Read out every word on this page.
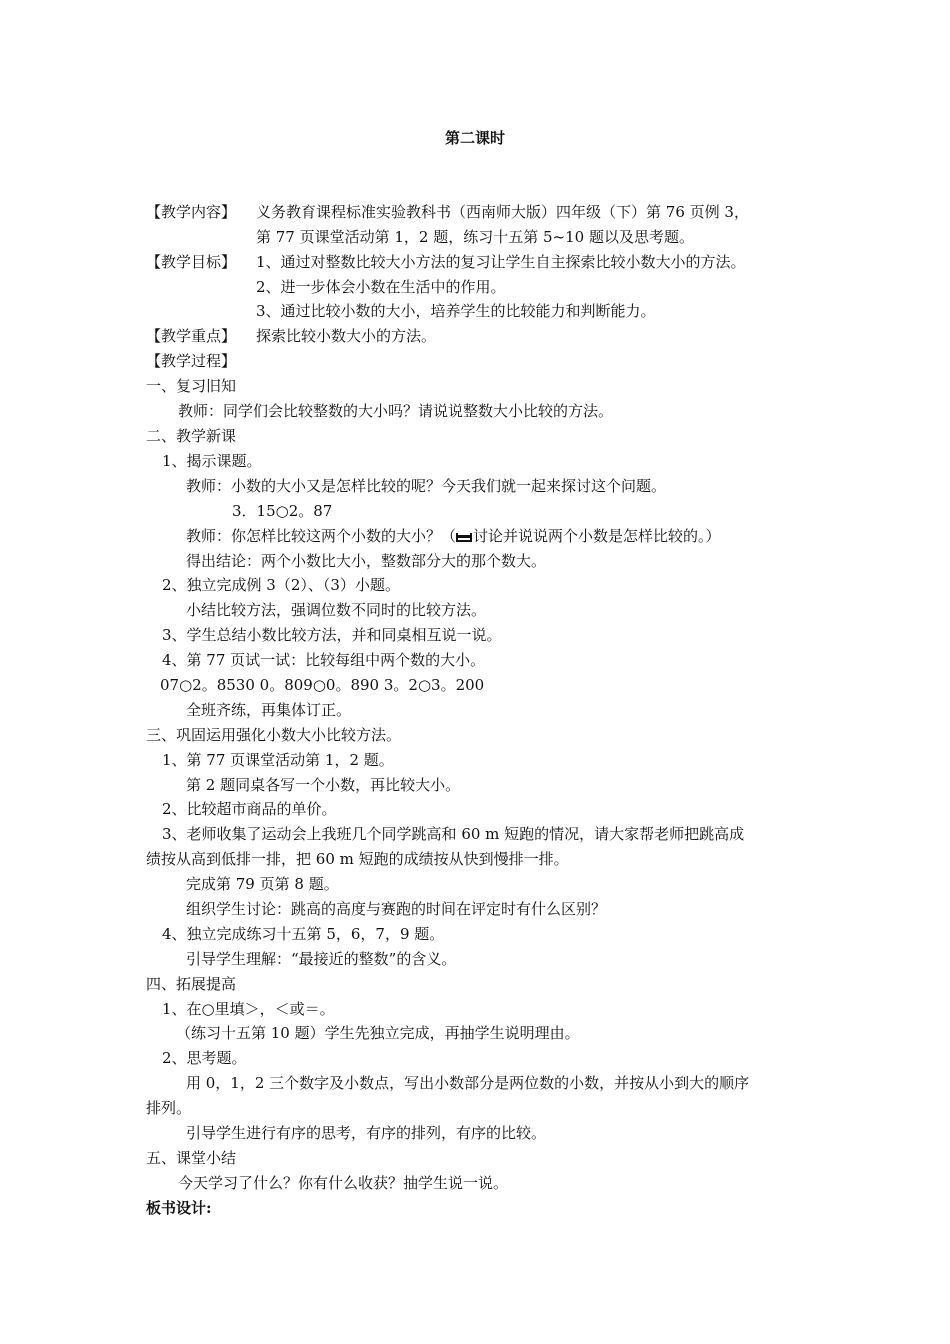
第二课时
【教学内容】 义务教育课程标准实验教科书（西南师大版）四年级（下）第 76 页例 3，
第 77 页课堂活动第 1，2 题，练习十五第 5~10 题以及思考题。
【教学目标】 1、通过对整数比较大小方法的复习让学生自主探索比较小数大小的方法。
2、进一步体会小数在生活中的作用。
3、通过比较小数的大小，培养学生的比较能力和判断能力。
【教学重点】 探索比较小数大小的方法。
【教学过程】
一、复习旧知
教师：同学们会比较整数的大小吗？请说说整数大小比较的方法。
二、教学新课
1、揭示课题。
教师：小数的大小又是怎样比较的呢？今天我们就一起来探讨这个问题。
3．15○2。87
教师：你怎样比较这两个小数的大小？（ 讨论并说说两个小数是怎样比较的。）
得出结论：两个小数比大小，整数部分大的那个数大。
2、独立完成例 3（2）、（3）小题。
小结比较方法，强调位数不同时的比较方法。
3、学生总结小数比较方法，并和同桌相互说一说。
4、第 77 页试一试：比较每组中两个数的大小。
07○2。8530 0。809○0。890 3。2○3。200
全班齐练，再集体订正。
三、巩固运用强化小数大小比较方法。
1、第 77 页课堂活动第 1，2 题。
第 2 题同桌各写一个小数，再比较大小。
2、比较超市商品的单价。
3、老师收集了运动会上我班几个同学跳高和 60 m 短跑的情况，请大家帮老师把跳高成
绩按从高到低排一排，把 60 m 短跑的成绩按从快到慢排一排。
完成第 79 页第 8 题。
组织学生讨论：跳高的高度与赛跑的时间在评定时有什么区别？
4、独立完成练习十五第 5，6，7，9 题。
引导学生理解：“最接近的整数”的含义。
四、拓展提高
1、在○里填＞，＜或＝。
（练习十五第 10 题）学生先独立完成，再抽学生说明理由。
2、思考题。
用 0，1，2 三个数字及小数点，写出小数部分是两位数的小数，并按从小到大的顺序
排列。
引导学生进行有序的思考，有序的排列，有序的比较。
五、课堂小结
今天学习了什么？你有什么收获？抽学生说一说。
板书设计:
